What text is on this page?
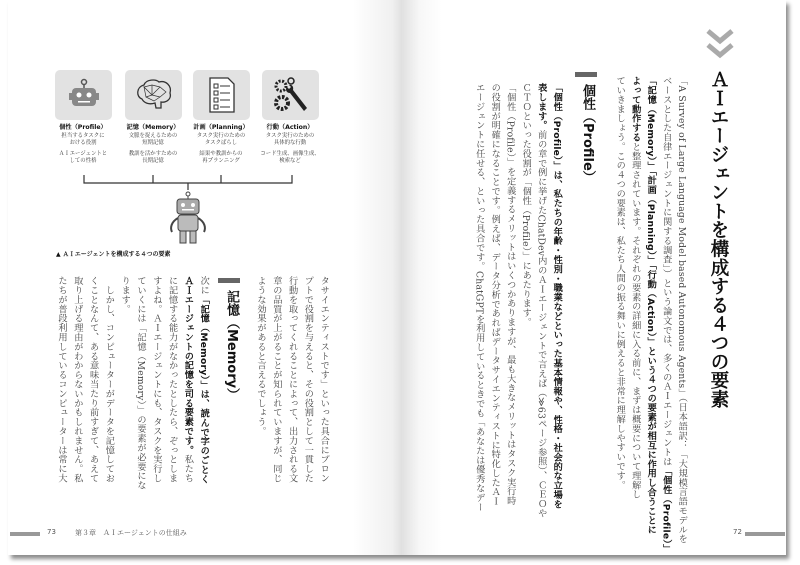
ＡＩエージェントを構成する４つの要素
「A Survey of Large Language Model based Autonomous Agents」（日本語訳：「大規模言語モデルを
ベースとした自律エージェントに関する調査」）という論文では、多くのＡＩエージェントは「個性（Profile）」
「記憶（Memory）」「計画（Planning）」「行動（Action）」という４つの要素が相互に作用し合うことに
よって動作すると整理されています。それぞれの要素の詳細に入る前に、まずは概要について理解し
ていきましょう。この４つの要素は、私たち人間の振る舞いに例えると非常に理解しやすいです。
個性（Profile）
「個性（Profile）」は、私たちの年齢・性別・職業などといった基本情報や、性格・社会的な立場を
表します。前の章で例に挙げたChatDev内のＡＩエージェントで言えば（≫63ページ参照）、ＣＥＯや
ＣＴＯといった役割が「個性（Profile）」にあたります。
「個性（Profile）」を定義するメリットはいくつかありますが、最も大きなメリットはタスク実行時
の役割が明確になることです。例えば、データ分析であればデータサイエンティストに特化したＡＩ
エージェントに任せる、といった具合です。ChatGPTを利用しているときでも「あなたは優秀なデー
個性（Profile）
担当するタスクに
おける役割
ＡＩエージェントと
しての性格
記憶（Memory）
文脈を捉えるための
短期記憶
教訓を活かすための
長期記憶
計画（Planning）
タスク実行のための
タスクばらし
結果や教訓からの
再プランニング
行動（Action）
タスク実行のための
具体的な行動
コード生成、画像生成、
検索など
▲ ＡＩエージェントを構成する４つの要素
タサイエンティストです」といった具合にプロン
プトで役割を与えると、その役割として一貫した
行動を取ってくれることによって、出力される文
章の品質が上がることが知られていますが、同じ
ような効果があると言えるでしょう。
記憶（Memory）
次に「記憶（Memory）」は、読んで字のごとく
ＡＩエージェントの記憶を司る要素です。私たち
に記憶する能力がなかったとしたら、ぞっとしま
すよね。ＡＩエージェントにも、タスクを実行し
ていくには「記憶（Memory）」の要素が必要にな
ります。
　しかし、コンピューターがデータを記憶してお
くことなんて、ある意味当たり前すぎて、あえて
取り上げる理由がわからないかもしれません。私
たちが普段利用しているコンピューターは常に大
73	第３章　ＡＩエージェントの仕組み	72
